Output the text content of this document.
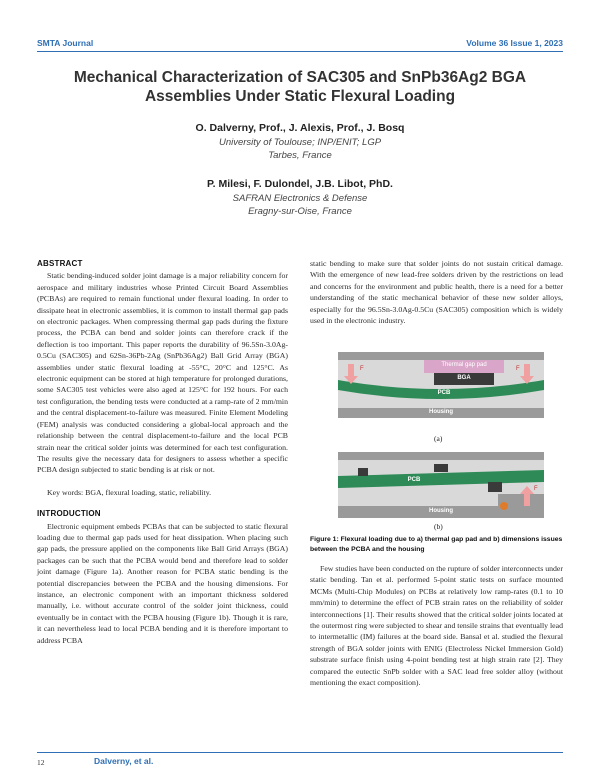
SMTA Journal	Volume 36 Issue 1, 2023
Mechanical Characterization of SAC305 and SnPb36Ag2 BGA Assemblies Under Static Flexural Loading
O. Dalverny, Prof., J. Alexis, Prof., J. Bosq
University of Toulouse; INP/ENIT; LGP
Tarbes, France
P. Milesi, F. Dulondel, J.B. Libot, PhD.
SAFRAN Electronics & Defense
Eragny-sur-Oise, France
ABSTRACT

Static bending-induced solder joint damage is a major reliability concern for aerospace and military industries whose Printed Circuit Board Assemblies (PCBAs) are required to remain functional under flexural loading. In order to dissipate heat in electronic assemblies, it is common to install thermal gap pads on electronic packages. When compressing thermal gap pads during the fixture process, the PCBA can bend and solder joints can therefore crack if the deflection is too important. This paper reports the durability of 96.5Sn-3.0Ag-0.5Cu (SAC305) and 62Sn-36Pb-2Ag (SnPb36Ag2) Ball Grid Array (BGA) assemblies under static flexural loading at -55°C, 20°C and 125°C. As electronic equipment can be stored at high temperature for prolonged durations, some SAC305 test vehicles were also aged at 125°C for 192 hours. For each test configuration, the bending tests were conducted at a ramp-rate of 2 mm/min and the central displacement-to-failure was measured. Finite Element Modeling (FEM) analysis was conducted considering a global-local approach and the relationship between the central displacement-to-failure and the local PCB strain near the critical solder joints was determined for each test configuration. The results give the necessary data for designers to assess whether a specific PCBA design subjected to static bending is at risk or not.

Key words: BGA, flexural loading, static, reliability.

INTRODUCTION

Electronic equipment embeds PCBAs that can be subjected to static flexural loading due to thermal gap pads used for heat dissipation. When placing such gap pads, the pressure applied on the components like Ball Grid Arrays (BGA) packages can be such that the PCBA would bend and therefore lead to solder joint damage (Figure 1a). Another reason for PCBA static bending is the potential discrepancies between the PCBA and the housing dimensions. For instance, an electronic component with an important thickness soldered manually, i.e. without accurate control of the solder joint thickness, could eventually be in contact with the PCBA housing (Figure 1b). Though it is rare, it can nevertheless lead to local PCBA bending and it is therefore important to address PCBA

static bending to make sure that solder joints do not sustain critical damage. With the emergence of new lead-free solders driven by the restrictions on lead and concerns for the environment and public health, there is a need for a better understanding of the static mechanical behavior of these new solder alloys, especially for the 96.5Sn-3.0Ag-0.5Cu (SAC305) composition which is widely used in the electronic industry.

Thermal gap pad
BGA
PCB
Housing
F	F
(a)
PCB
Housing
F
(b)
Figure 1: Flexural loading due to a) thermal gap pad and b) dimensions issues between the PCBA and the housing

Few studies have been conducted on the rupture of solder interconnects under static bending. Tan et al. performed 5-point static tests on surface mounted MCMs (Multi-Chip Modules) on PCBs at relatively low ramp-rates (0.1 to 10 mm/min) to determine the effect of PCB strain rates on the reliability of solder interconnections [1]. Their results showed that the critical solder joints located at the outermost ring were subjected to shear and tensile strains that eventually lead to intermetallic (IM) failures at the board side. Bansal et al. studied the flexural strength of BGA solder joints with ENIG (Electroless Nickel Immersion Gold) substrate surface finish using 4-point bending test at high strain rate [2]. They compared the eutectic SnPb solder with a SAC lead free solder alloy (without mentioning the exact composition).

12	Dalverny, et al.
